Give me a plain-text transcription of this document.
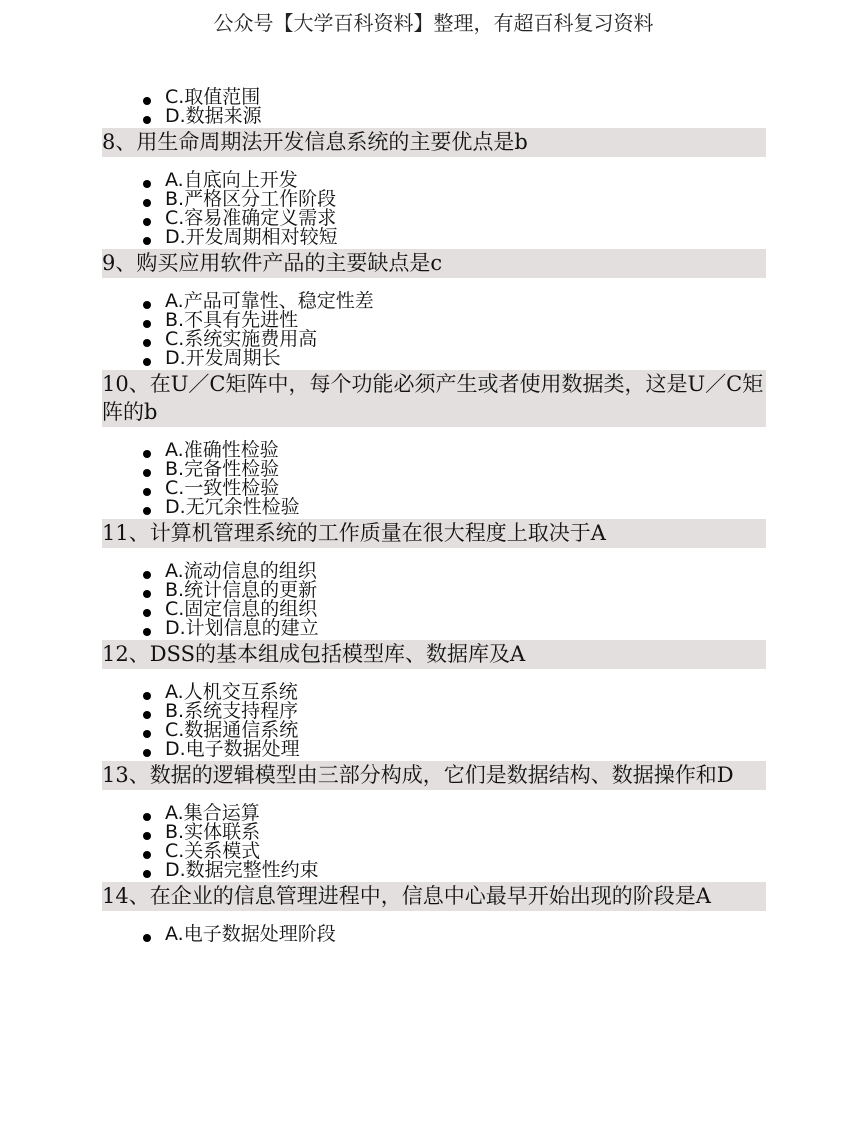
公众号【大学百科资料】整理，有超百科复习资料
C.取值范围
D.数据来源
8、用生命周期法开发信息系统的主要优点是b
A.自底向上开发
B.严格区分工作阶段
C.容易准确定义需求
D.开发周期相对较短
9、购买应用软件产品的主要缺点是c
A.产品可靠性、稳定性差
B.不具有先进性
C.系统实施费用高
D.开发周期长
10、在U／C矩阵中，每个功能必须产生或者使用数据类，这是U／C矩阵的b
A.准确性检验
B.完备性检验
C.一致性检验
D.无冗余性检验
11、计算机管理系统的工作质量在很大程度上取决于A
A.流动信息的组织
B.统计信息的更新
C.固定信息的组织
D.计划信息的建立
12、DSS的基本组成包括模型库、数据库及A
A.人机交互系统
B.系统支持程序
C.数据通信系统
D.电子数据处理
13、数据的逻辑模型由三部分构成，它们是数据结构、数据操作和D
A.集合运算
B.实体联系
C.关系模式
D.数据完整性约束
14、在企业的信息管理进程中，信息中心最早开始出现的阶段是A
A.电子数据处理阶段
